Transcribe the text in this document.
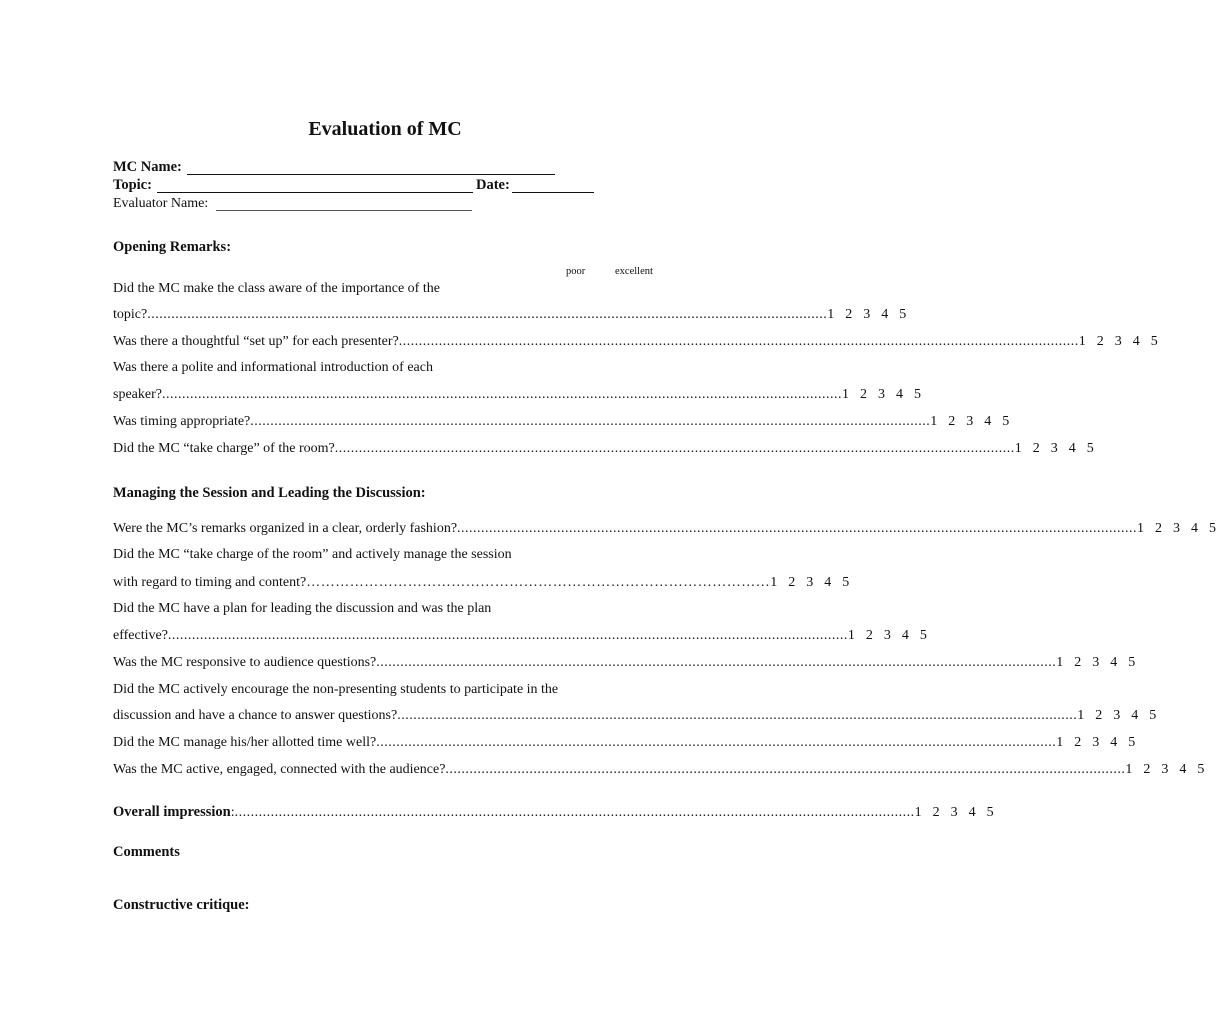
Evaluation of MC
MC Name:
Topic:	Date:
Evaluator Name:
Opening Remarks:
poor	excellent
Did the MC make the class aware of the importance of the
topic? .......................................................................................................................................................................... 1 2 3 4 5
Was there a thoughtful “set up” for each presenter? .......................................................................................................................................................................... 1 2 3 4 5
Was there a polite and informational introduction of each
speaker? .......................................................................................................................................................................... 1 2 3 4 5
Was timing appropriate? .......................................................................................................................................................................... 1 2 3 4 5
Did the MC “take charge” of the room? .......................................................................................................................................................................... 1 2 3 4 5
Managing the Session and Leading the Discussion:
Were the MC’s remarks organized in a clear, orderly fashion? .......................................................................................................................................................................... 1 2 3 4 5
Did the MC “take charge of the room” and actively manage the session
with regard to timing and content? …………………………………………………………………………………… 1 2 3 4 5
Did the MC have a plan for leading the discussion and was the plan
effective? .......................................................................................................................................................................... 1 2 3 4 5
Was the MC responsive to audience questions? .......................................................................................................................................................................... 1 2 3 4 5
Did the MC actively encourage the non-presenting students to participate in the
discussion and have a chance to answer questions? .......................................................................................................................................................................... 1 2 3 4 5
Did the MC manage his/her allotted time well? .......................................................................................................................................................................... 1 2 3 4 5
Was the MC active, engaged, connected with the audience? .......................................................................................................................................................................... 1 2 3 4 5
Overall impression : .......................................................................................................................................................................... 1 2 3 4 5
Comments
Constructive critique:
